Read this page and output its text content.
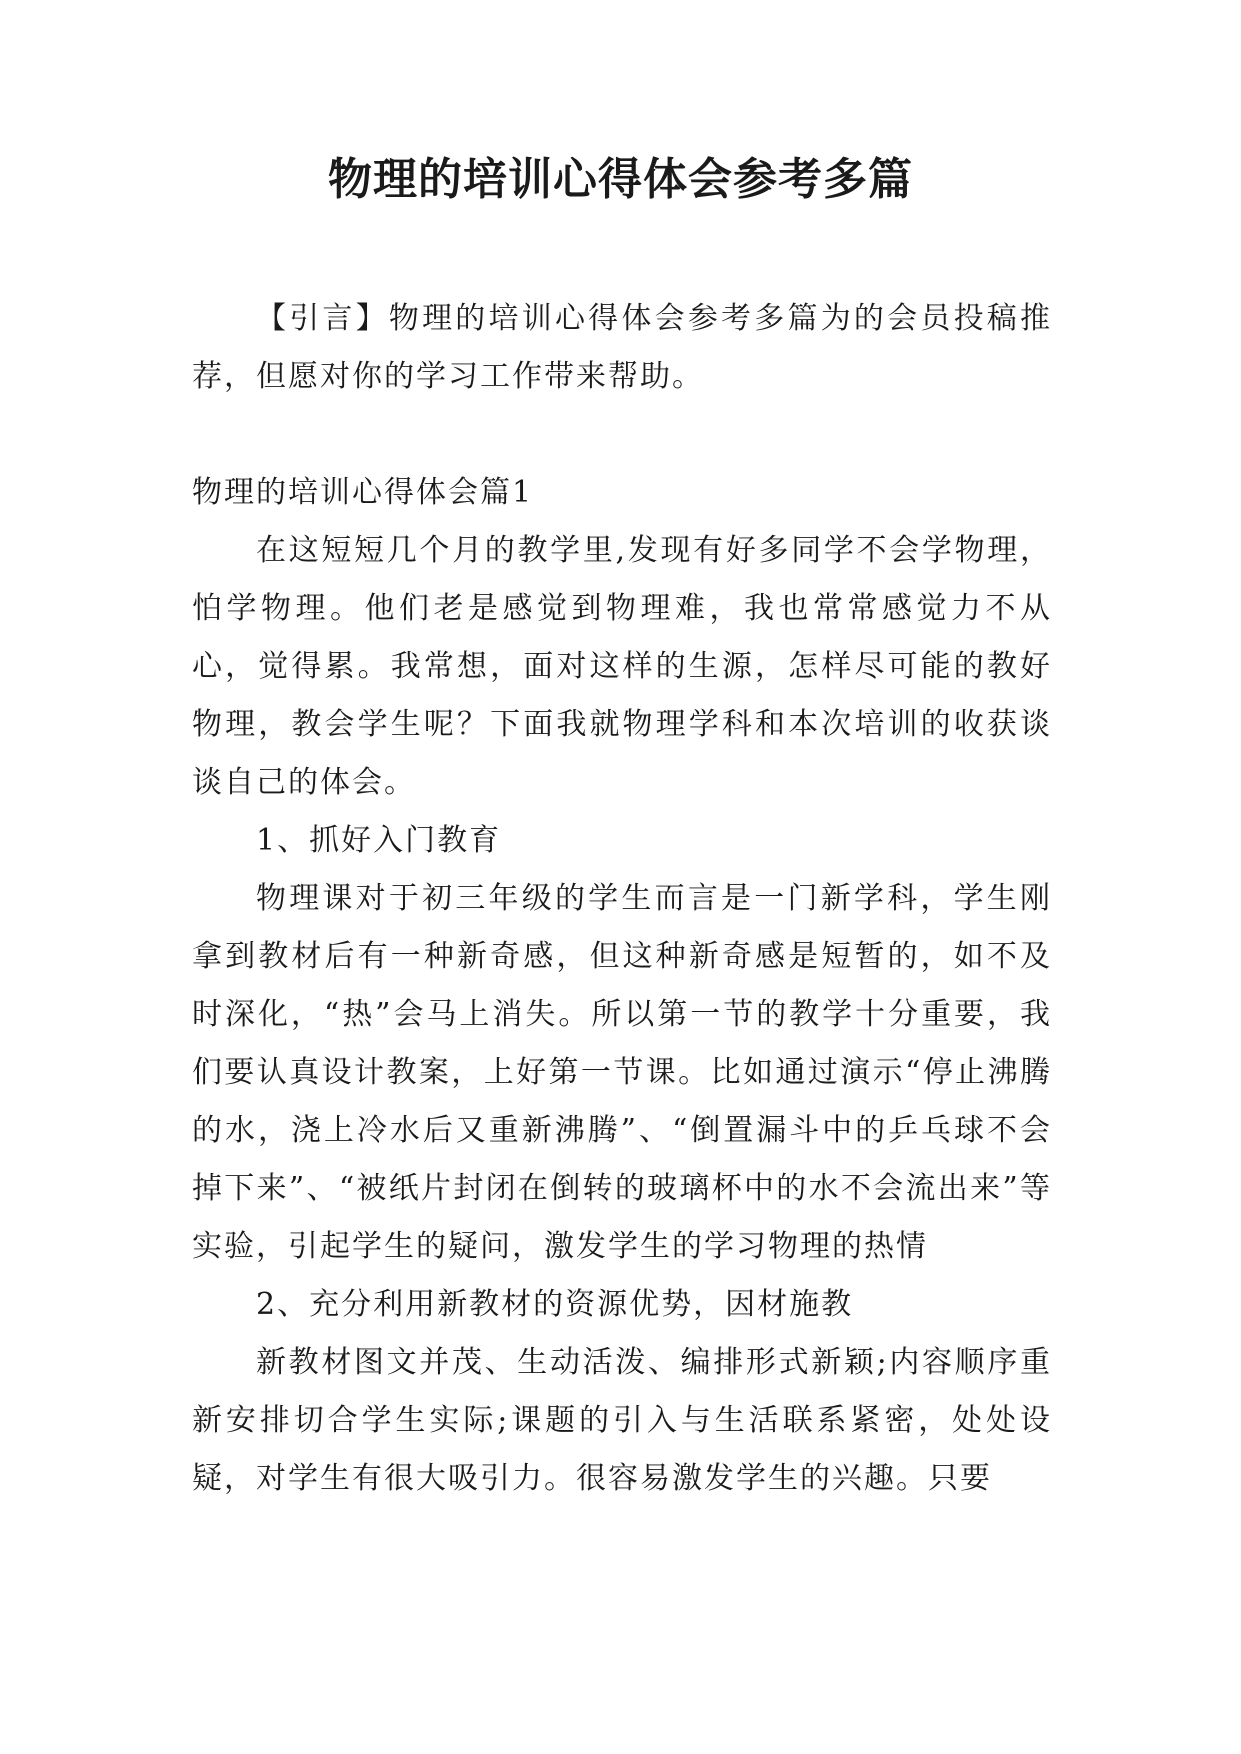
物理的培训心得体会参考多篇

【引言】物理的培训心得体会参考多篇为的会员投稿推荐，但愿对你的学习工作带来帮助。

物理的培训心得体会篇1

在这短短几个月的教学里,发现有好多同学不会学物理，怕学物理。他们老是感觉到物理难，我也常常感觉力不从心，觉得累。我常想，面对这样的生源，怎样尽可能的教好物理，教会学生呢？下面我就物理学科和本次培训的收获谈谈自己的体会。

1、抓好入门教育

物理课对于初三年级的学生而言是一门新学科，学生刚拿到教材后有一种新奇感，但这种新奇感是短暂的，如不及时深化，“热”会马上消失。所以第一节的教学十分重要，我们要认真设计教案，上好第一节课。比如通过演示“停止沸腾的水，浇上冷水后又重新沸腾”、“倒置漏斗中的乒乓球不会掉下来”、“被纸片封闭在倒转的玻璃杯中的水不会流出来”等实验，引起学生的疑问，激发学生的学习物理的热情

2、充分利用新教材的资源优势，因材施教

新教材图文并茂、生动活泼、编排形式新颖;内容顺序重新安排切合学生实际;课题的引入与生活联系紧密，处处设疑，对学生有很大吸引力。很容易激发学生的兴趣。只要
